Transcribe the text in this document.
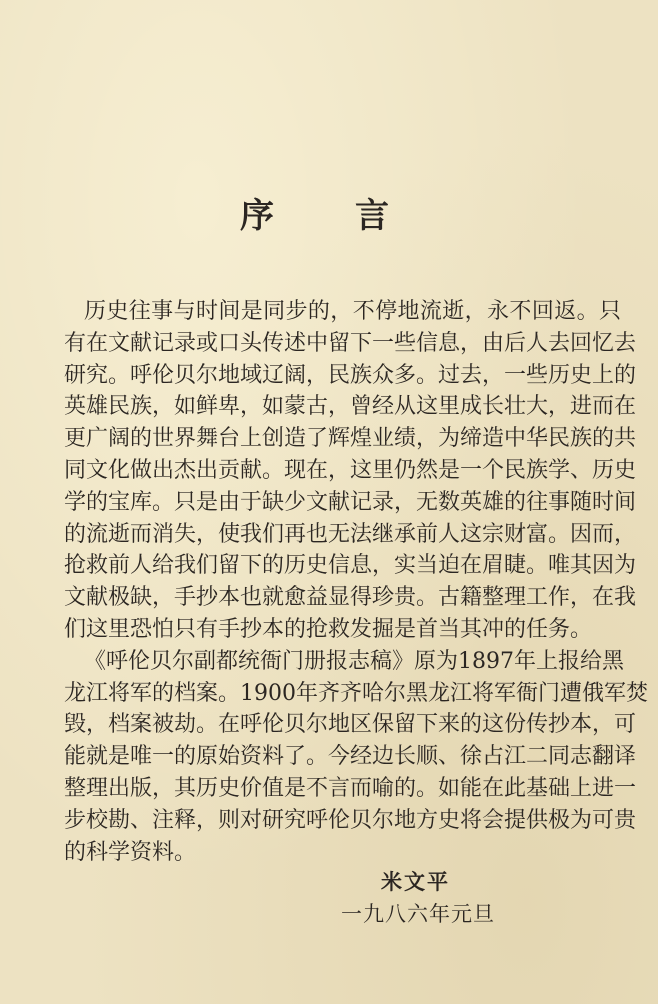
序 言
历史往事与时间是同步的，不停地流逝，永不回返。只
有在文献记录或口头传述中留下一些信息，由后人去回忆去
研究。呼伦贝尔地域辽阔，民族众多。过去，一些历史上的
英雄民族，如鲜卑，如蒙古，曾经从这里成长壮大，进而在
更广阔的世界舞台上创造了辉煌业绩，为缔造中华民族的共
同文化做出杰出贡献。现在，这里仍然是一个民族学、历史
学的宝库。只是由于缺少文献记录，无数英雄的往事随时间
的流逝而消失，使我们再也无法继承前人这宗财富。因而，
抢救前人给我们留下的历史信息，实当迫在眉睫。唯其因为
文献极缺，手抄本也就愈益显得珍贵。古籍整理工作，在我
们这里恐怕只有手抄本的抢救发掘是首当其冲的任务。
《呼伦贝尔副都统衙门册报志稿》原为1897年上报给黑
龙江将军的档案。1900年齐齐哈尔黑龙江将军衙门遭俄军焚
毁，档案被劫。在呼伦贝尔地区保留下来的这份传抄本，可
能就是唯一的原始资料了。今经边长顺、徐占江二同志翻译
整理出版，其历史价值是不言而喻的。如能在此基础上进一
步校勘、注释，则对研究呼伦贝尔地方史将会提供极为可贵
的科学资料。
米文平
一九八六年元旦
